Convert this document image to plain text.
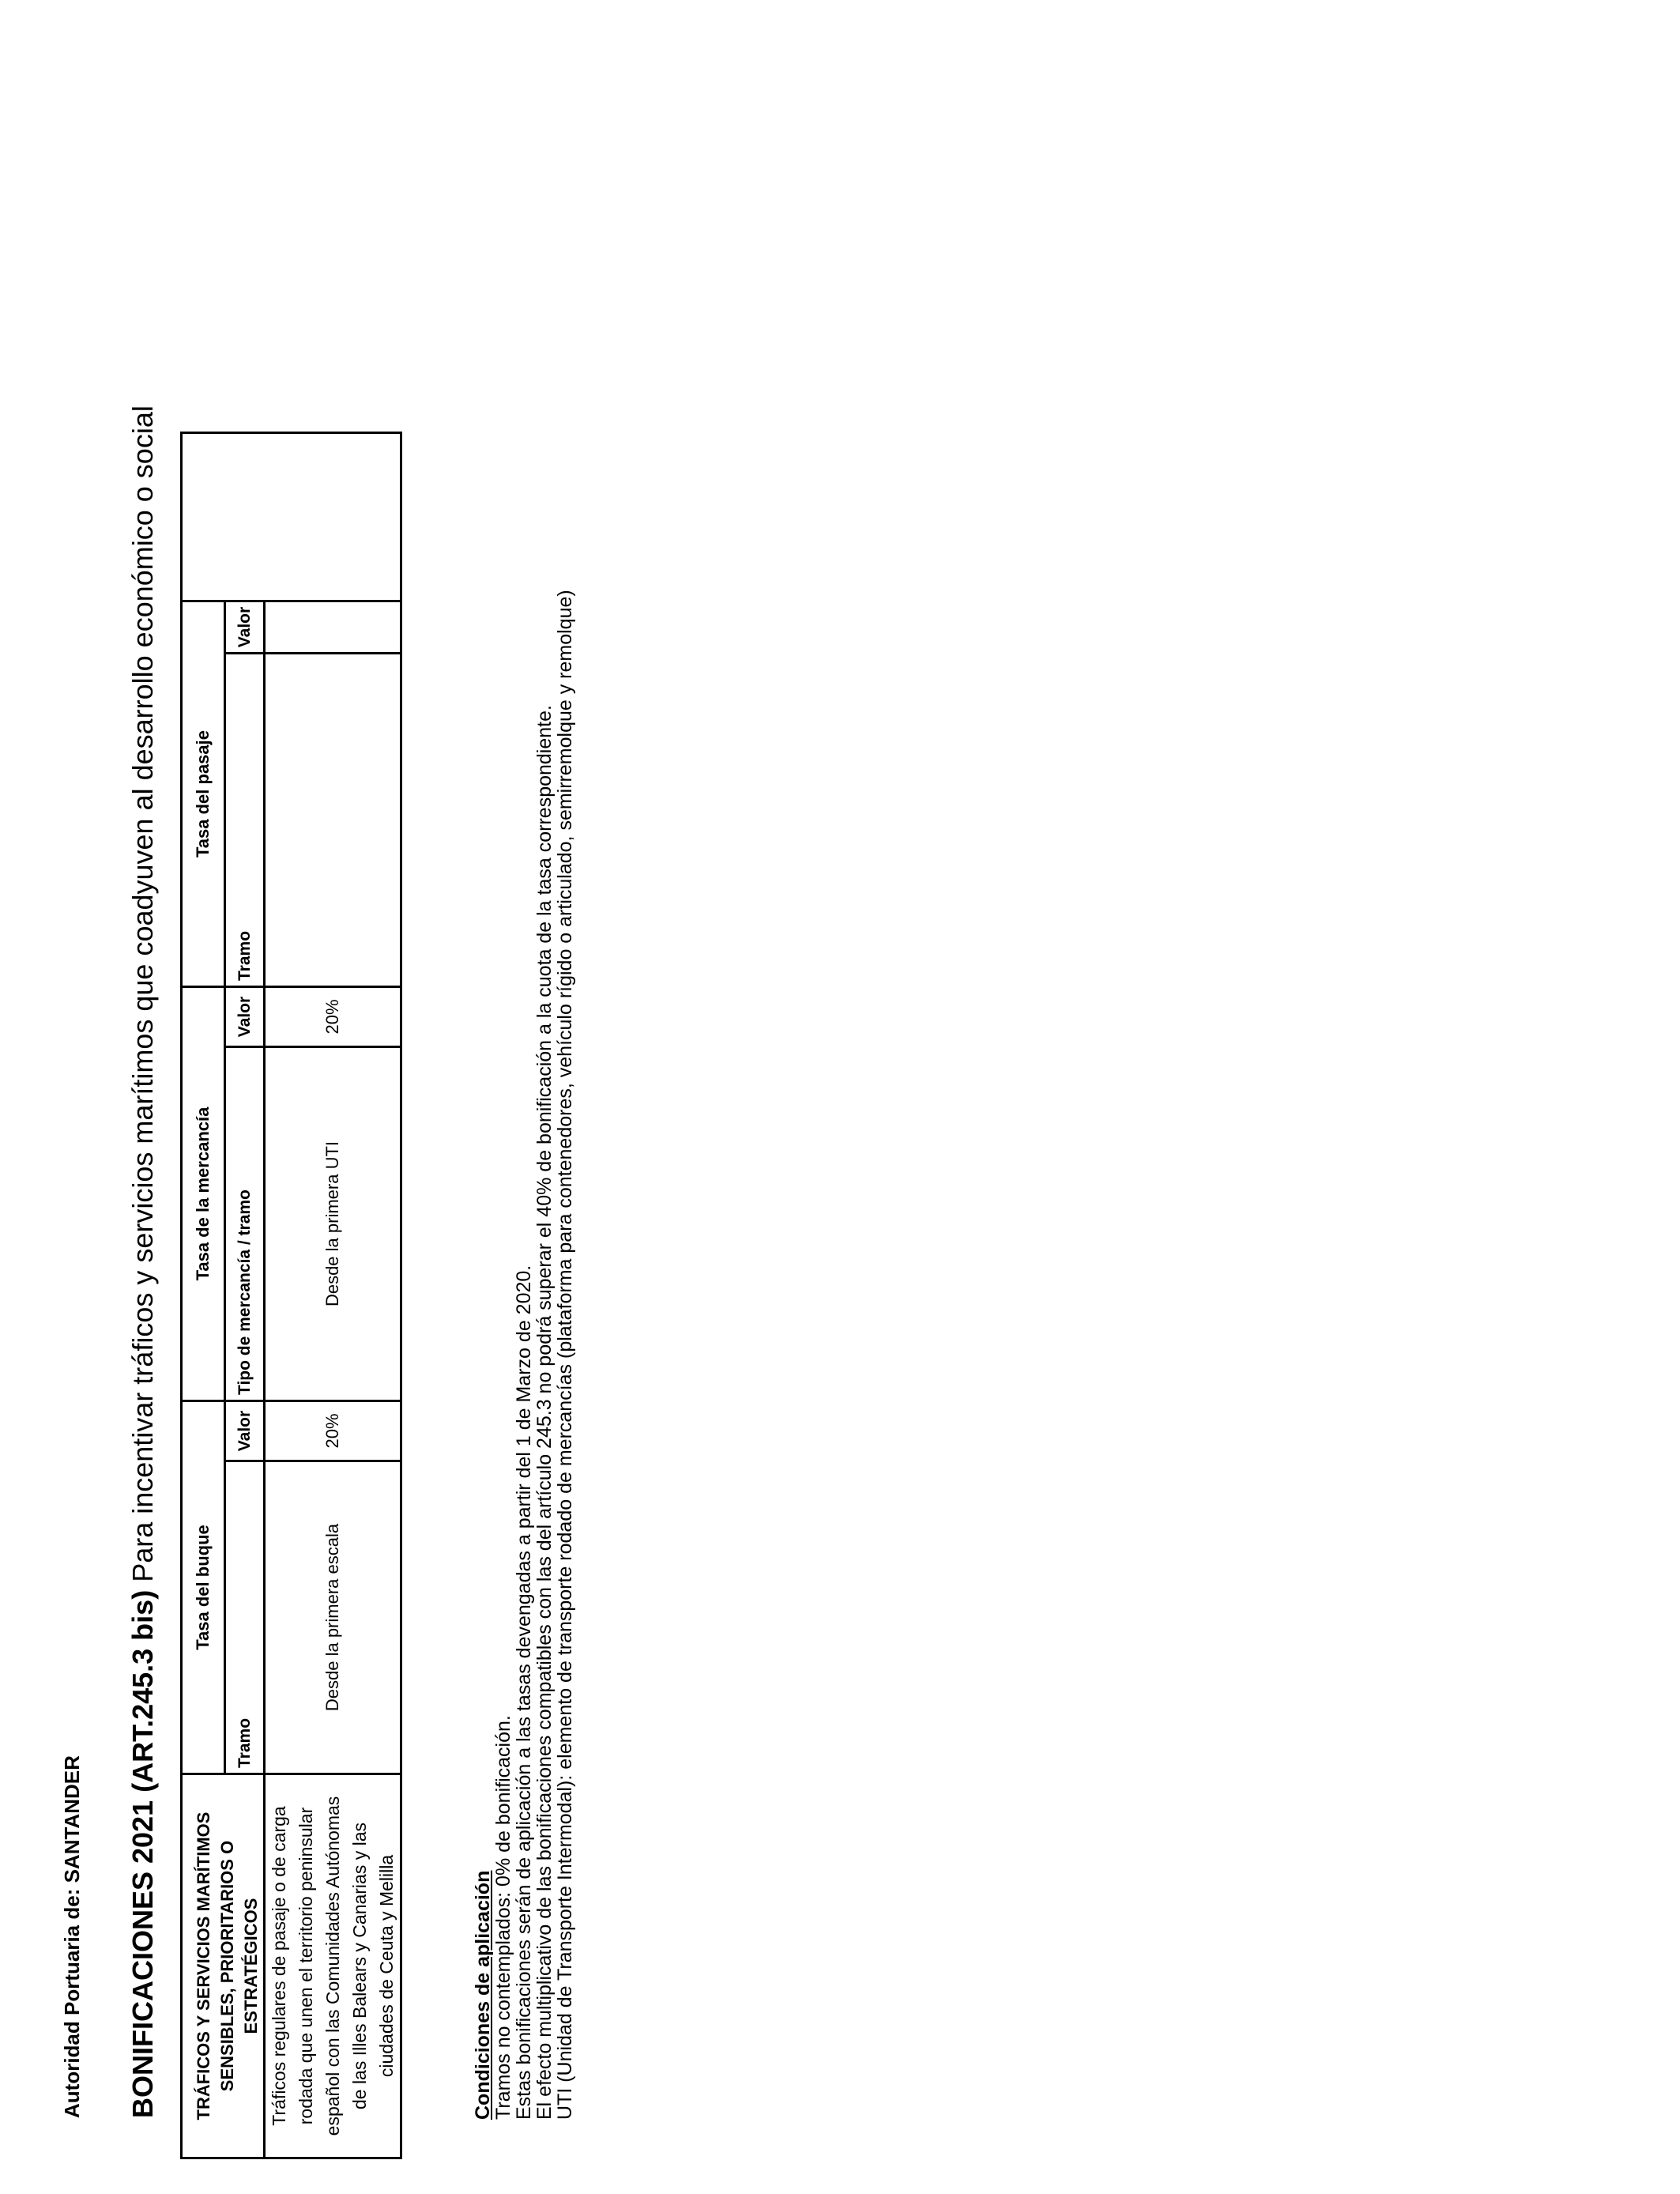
Autoridad Portuaria de: SANTANDER BONIFICACIONES 2021 (ART.245.3 bis) Para incentivar tráficos y servicios marítimos que coadyuven al desarrollo económico o social
TRÁFICOS Y SERVICIOS MARÍTIMOS SENSIBLES, PRIORITARIOS O ESTRATÉGICOS	Tasa del buque		Tasa de la mercancía		Tasa del pasaje		
	Tramo	Valor	Tipo de mercancía / tramo	Valor	Tramo	Valor	
Tráficos regulares de pasaje o de carga rodada que unen el territorio peninsular español con las Comunidades Autónomas de las Illes Balears y Canarias y las ciudades de Ceuta y Melilla	Desde la primera escala	20%	Desde la primera UTI	20%			
Condiciones de aplicación
Tramos no contemplados: 0% de bonificación.
Estas bonificaciones serán de aplicación a las tasas devengadas a partir del 1 de Marzo de 2020.
El efecto multiplicativo de las bonificaciones compatibles con las del artículo 245.3 no podrá superar el 40% de bonificación a la cuota de la tasa correspondiente.
UTI (Unidad de Transporte Intermodal): elemento de transporte rodado de mercancías (plataforma para contenedores, vehículo rígido o articulado, semirremolque y remolque)
